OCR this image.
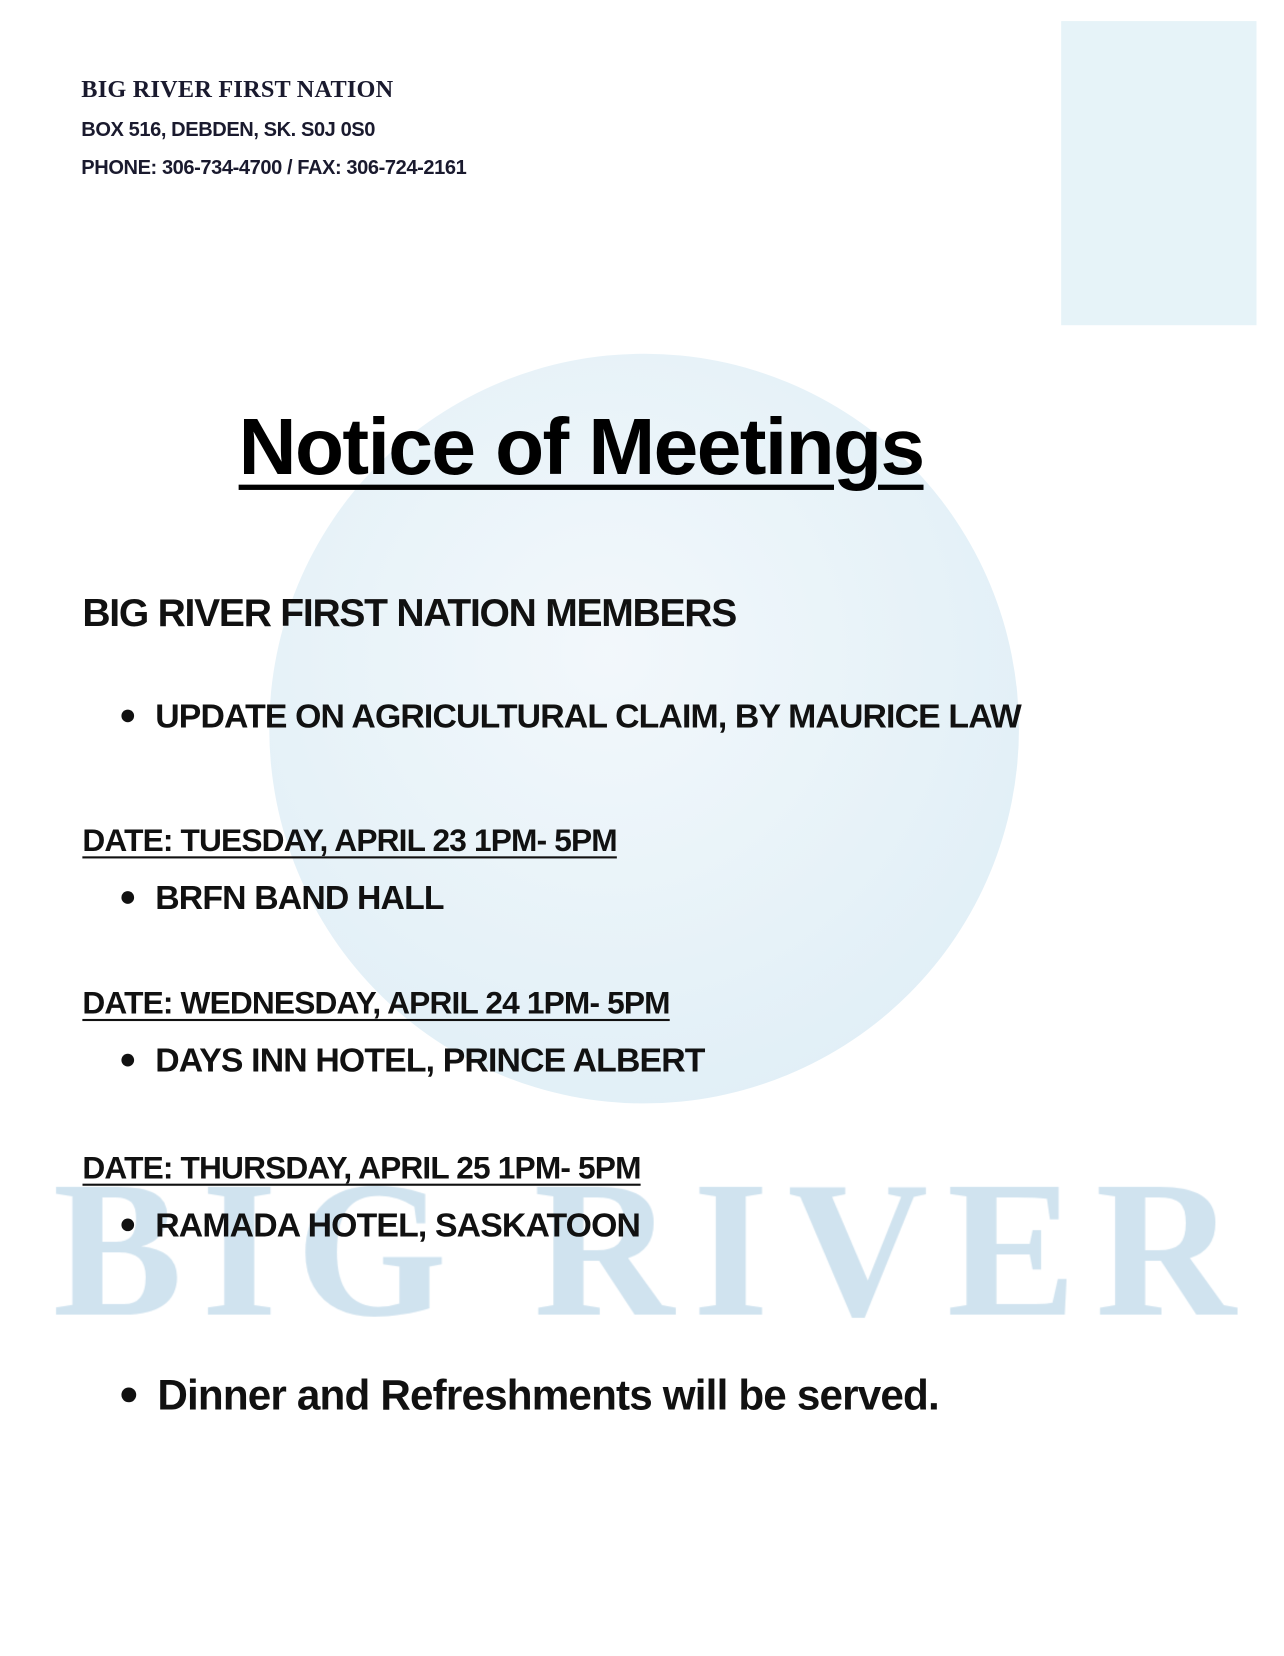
BIG RIVER FIRST NATION
BOX 516, DEBDEN, SK. S0J 0S0
PHONE: 306-734-4700 / FAX: 306-724-2161
Notice of Meetings
BIG RIVER FIRST NATION MEMBERS
UPDATE ON AGRICULTURAL CLAIM, BY MAURICE LAW
DATE: TUESDAY, APRIL 23 1PM- 5PM
BRFN BAND HALL
DATE: WEDNESDAY, APRIL 24 1PM- 5PM
DAYS INN HOTEL, PRINCE ALBERT
DATE: THURSDAY, APRIL 25 1PM- 5PM
RAMADA HOTEL, SASKATOON
Dinner and Refreshments will be served.
